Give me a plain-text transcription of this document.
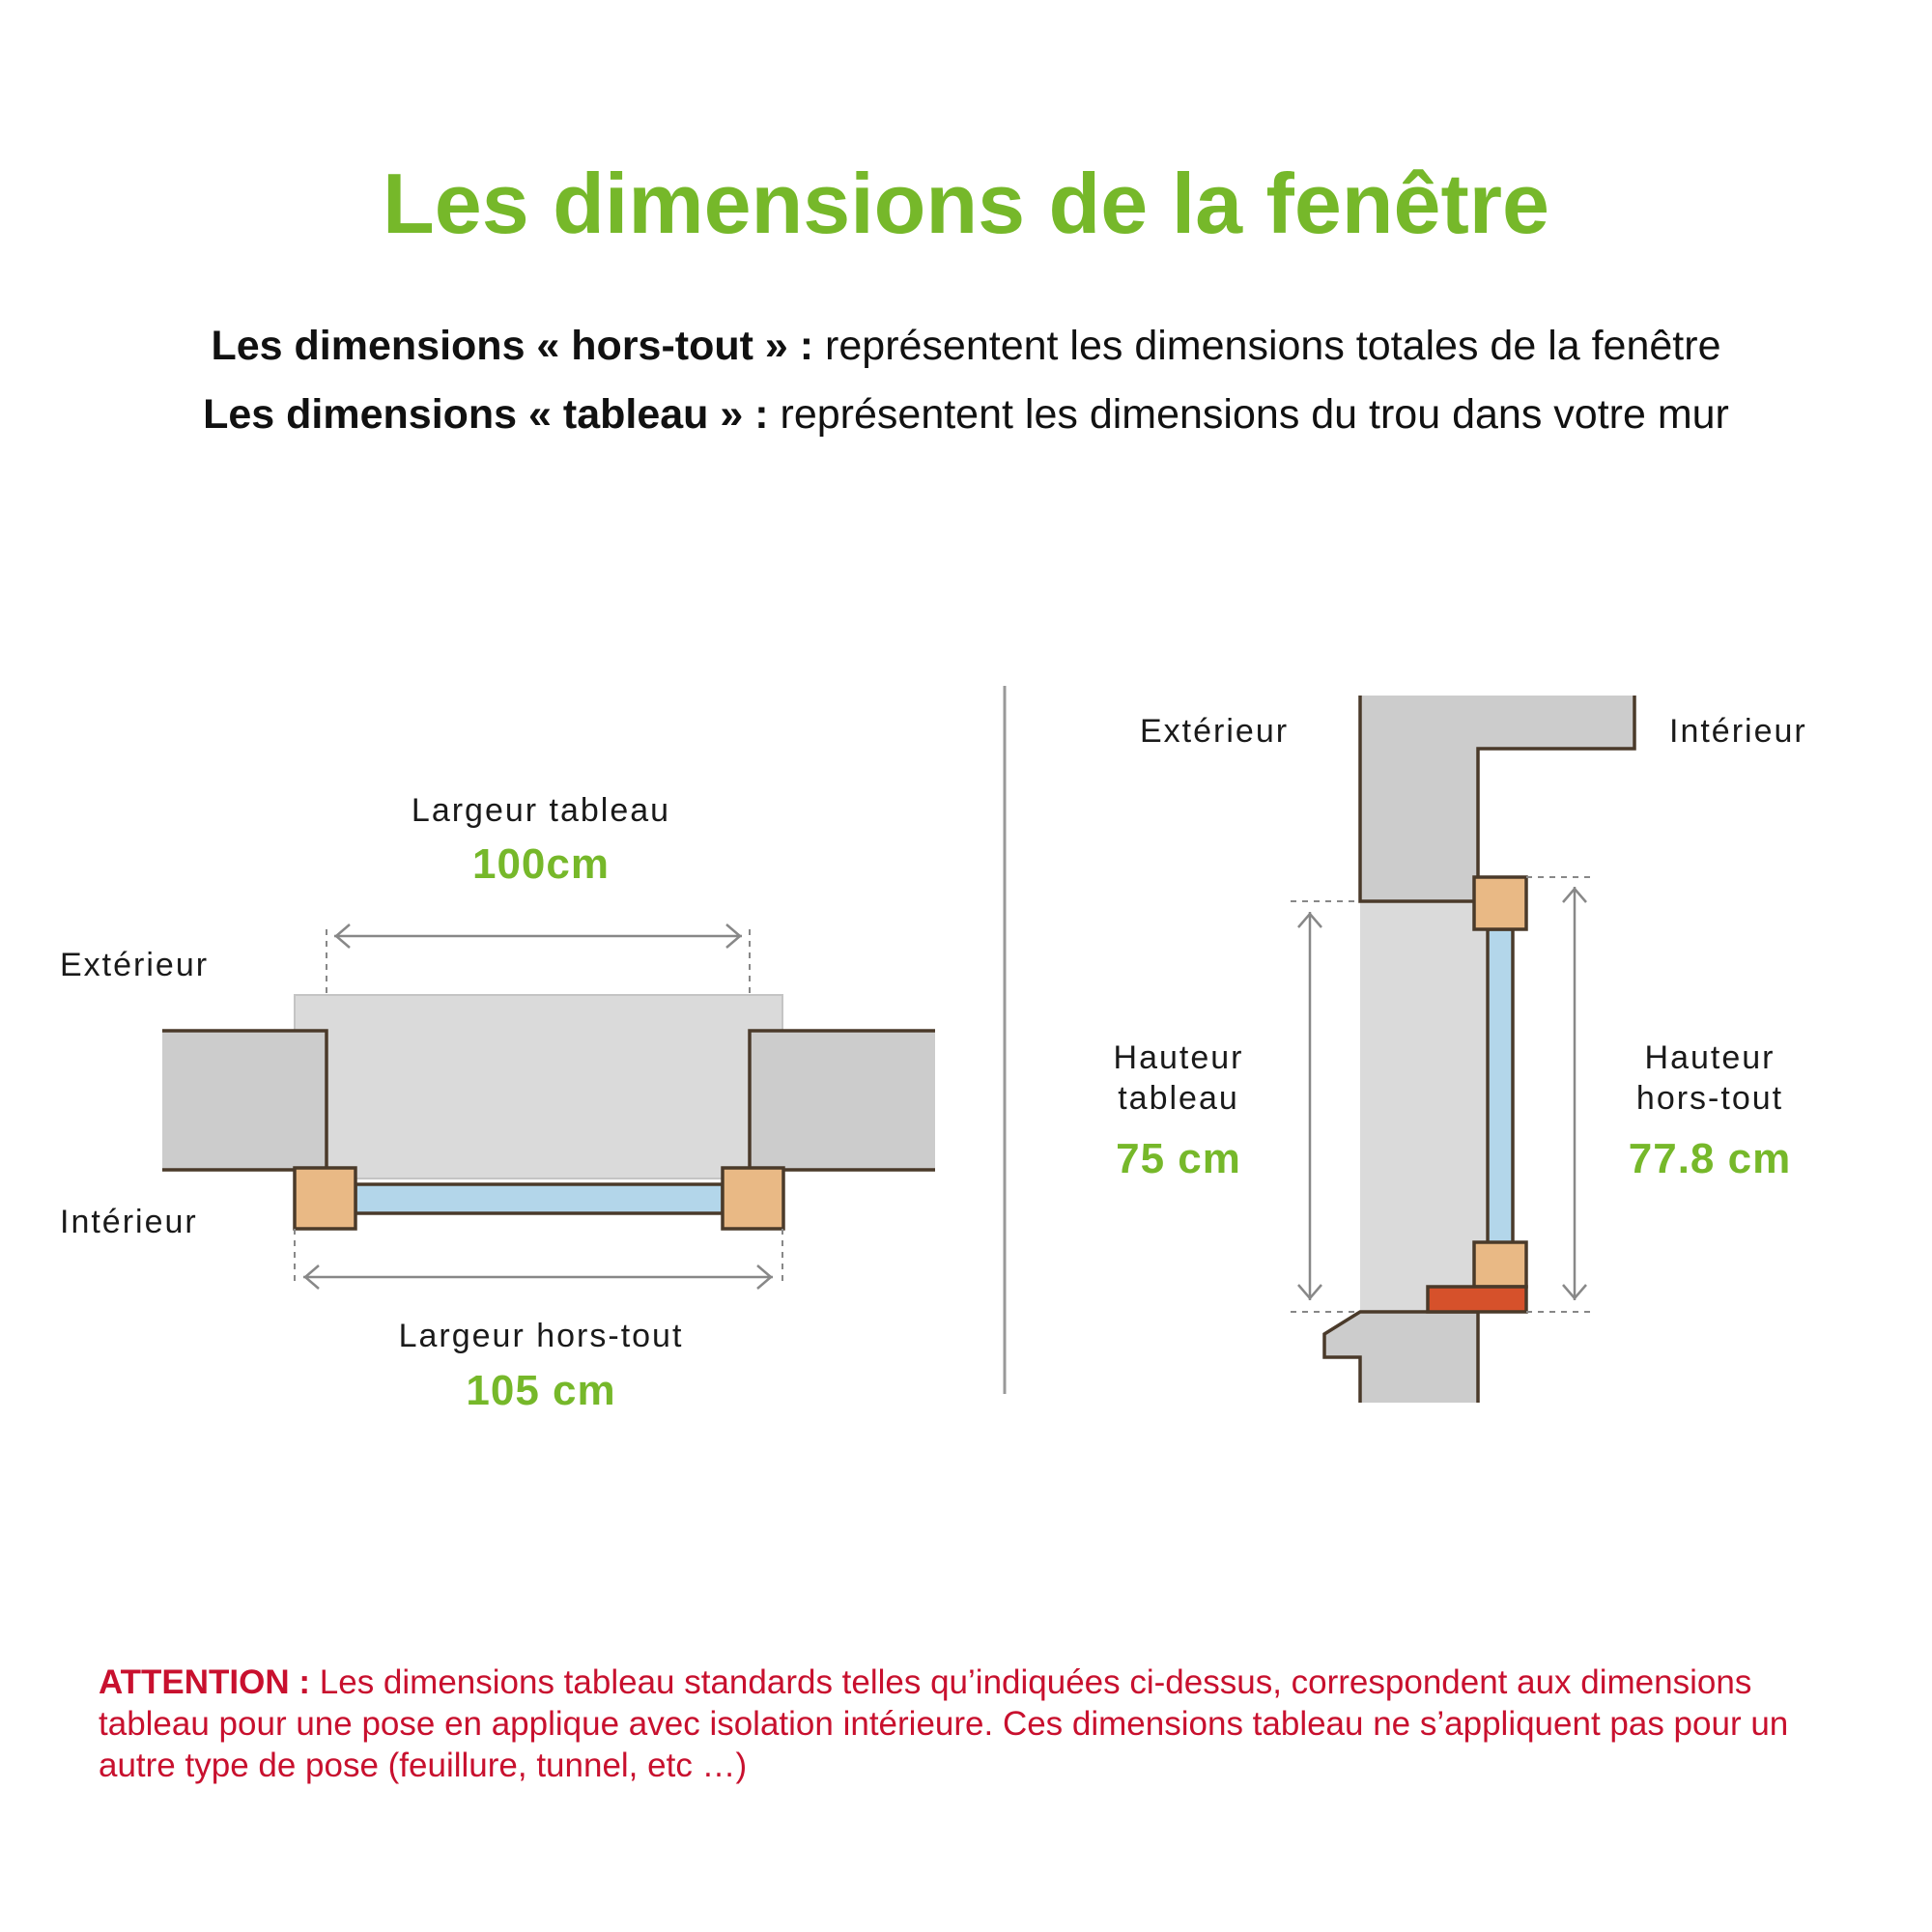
Les dimensions de la fenêtre
Les dimensions « hors-tout » : représentent les dimensions totales de la fenêtre
Les dimensions « tableau » : représentent les dimensions du trou dans votre mur
Extérieur
Intérieur
Largeur tableau
100cm
Largeur hors-tout
105 cm
Extérieur	Intérieur
Hauteur
tableau
75 cm
Hauteur
hors-tout
77.8 cm
ATTENTION : Les dimensions tableau standards telles qu’indiquées ci-dessus, correspondent aux dimensions tableau pour une pose en applique avec isolation intérieure. Ces dimensions tableau ne s’appliquent pas pour un autre type de pose (feuillure, tunnel, etc …)
